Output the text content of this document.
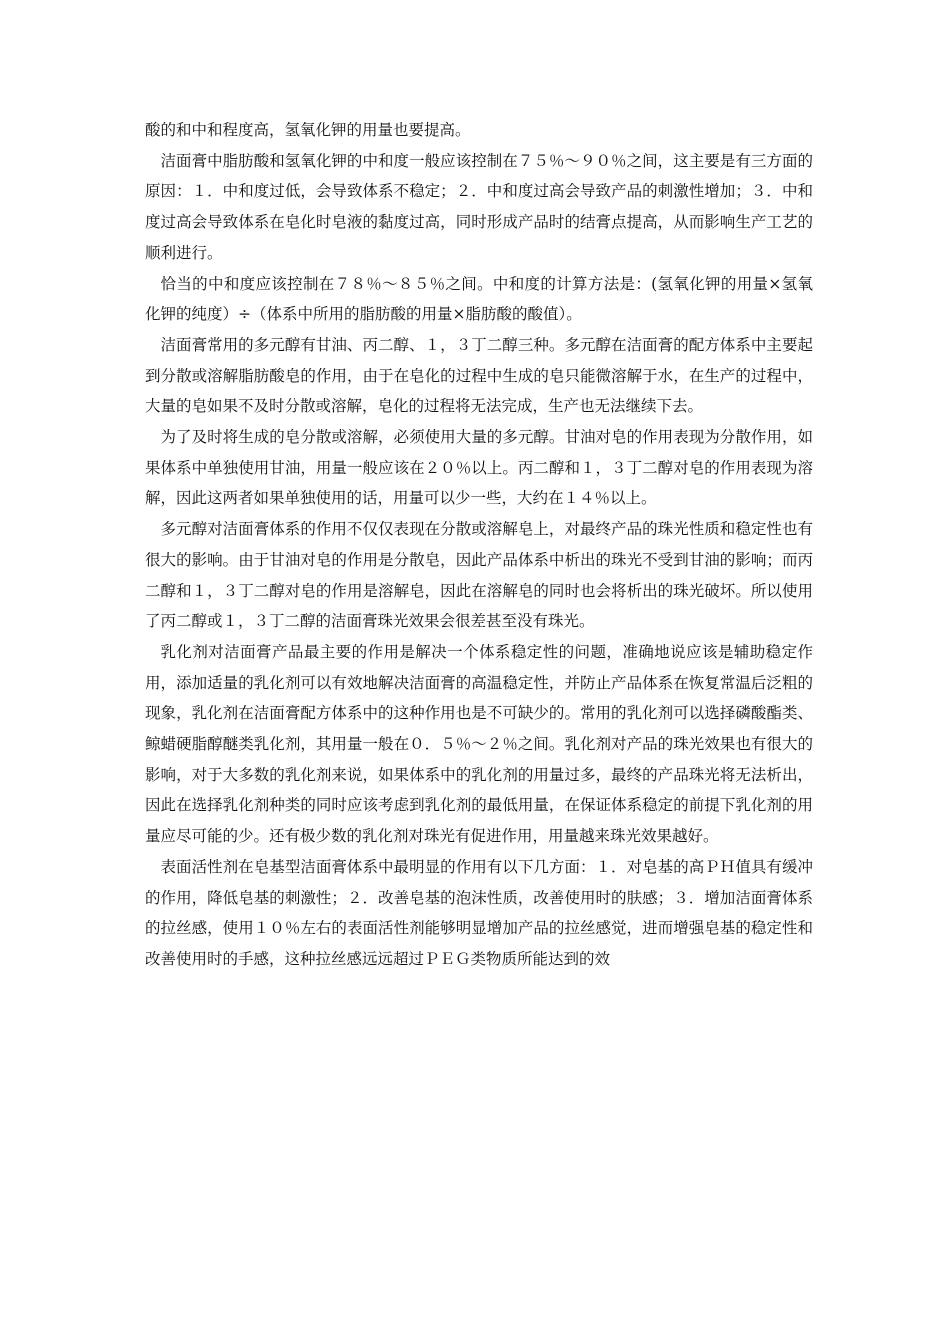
酸的和中和程度高，氢氧化钾的用量也要提高。

洁面膏中脂肪酸和氢氧化钾的中和度一般应该控制在７５％～９０％之间，这主要是有三方面的原因：１．中和度过低，会导致体系不稳定；２．中和度过高会导致产品的刺激性增加；３．中和度过高会导致体系在皂化时皂液的黏度过高，同时形成产品时的结膏点提高，从而影响生产工艺的顺利进行。

恰当的中和度应该控制在７８％～８５％之间。中和度的计算方法是：(氢氧化钾的用量×氢氧化钾的纯度）÷（体系中所用的脂肪酸的用量×脂肪酸的酸值）。

洁面膏常用的多元醇有甘油、丙二醇、１，３丁二醇三种。多元醇在洁面膏的配方体系中主要起到分散或溶解脂肪酸皂的作用，由于在皂化的过程中生成的皂只能微溶解于水，在生产的过程中，大量的皂如果不及时分散或溶解，皂化的过程将无法完成，生产也无法继续下去。

为了及时将生成的皂分散或溶解，必须使用大量的多元醇。甘油对皂的作用表现为分散作用，如果体系中单独使用甘油，用量一般应该在２０％以上。丙二醇和１，３丁二醇对皂的作用表现为溶解，因此这两者如果单独使用的话，用量可以少一些，大约在１４％以上。

多元醇对洁面膏体系的作用不仅仅表现在分散或溶解皂上，对最终产品的珠光性质和稳定性也有很大的影响。由于甘油对皂的作用是分散皂，因此产品体系中析出的珠光不受到甘油的影响；而丙二醇和１，３丁二醇对皂的作用是溶解皂，因此在溶解皂的同时也会将析出的珠光破坏。所以使用了丙二醇或１，３丁二醇的洁面膏珠光效果会很差甚至没有珠光。

乳化剂对洁面膏产品最主要的作用是解决一个体系稳定性的问题，准确地说应该是辅助稳定作用，添加适量的乳化剂可以有效地解决洁面膏的高温稳定性，并防止产品体系在恢复常温后泛粗的现象，乳化剂在洁面膏配方体系中的这种作用也是不可缺少的。常用的乳化剂可以选择磷酸酯类、鲸蜡硬脂醇醚类乳化剂，其用量一般在０．５％～２％之间。乳化剂对产品的珠光效果也有很大的影响，对于大多数的乳化剂来说，如果体系中的乳化剂的用量过多，最终的产品珠光将无法析出，因此在选择乳化剂种类的同时应该考虑到乳化剂的最低用量，在保证体系稳定的前提下乳化剂的用量应尽可能的少。还有极少数的乳化剂对珠光有促进作用，用量越来珠光效果越好。

表面活性剂在皂基型洁面膏体系中最明显的作用有以下几方面：１．对皂基的高ＰＨ值具有缓冲的作用，降低皂基的刺激性；２．改善皂基的泡沫性质，改善使用时的肤感；３．增加洁面膏体系的拉丝感，使用１０％左右的表面活性剂能够明显增加产品的拉丝感觉，进而增强皂基的稳定性和改善使用时的手感，这种拉丝感远远超过ＰＥＧ类物质所能达到的效
